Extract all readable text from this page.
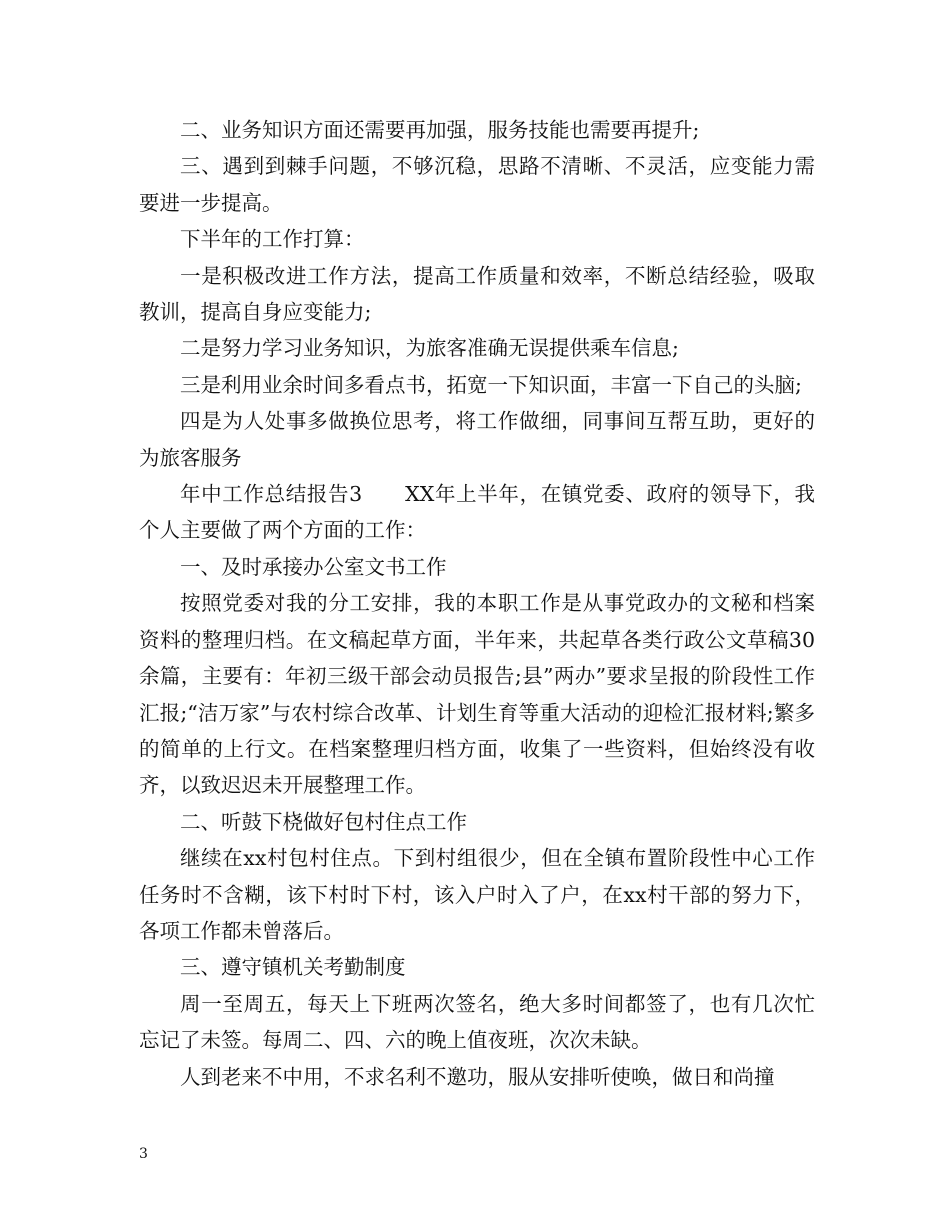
二、业务知识方面还需要再加强，服务技能也需要再提升;

三、遇到到棘手问题，不够沉稳，思路不清晰、不灵活，应变能力需要进一步提高。

下半年的工作打算：

一是积极改进工作方法，提高工作质量和效率，不断总结经验，吸取教训，提高自身应变能力;

二是努力学习业务知识，为旅客准确无误提供乘车信息;

三是利用业余时间多看点书，拓宽一下知识面，丰富一下自己的头脑;

四是为人处事多做换位思考，将工作做细，同事间互帮互助，更好的为旅客服务

年中工作总结报告3　　XX年上半年，在镇党委、政府的领导下，我个人主要做了两个方面的工作：

一、及时承接办公室文书工作

按照党委对我的分工安排，我的本职工作是从事党政办的文秘和档案资料的整理归档。在文稿起草方面，半年来，共起草各类行政公文草稿30余篇，主要有：年初三级干部会动员报告;县”两办”要求呈报的阶段性工作汇报;“洁万家”与农村综合改革、计划生育等重大活动的迎检汇报材料;繁多的简单的上行文。在档案整理归档方面，收集了一些资料，但始终没有收齐，以致迟迟未开展整理工作。

二、听鼓下桡做好包村住点工作

继续在xx村包村住点。下到村组很少，但在全镇布置阶段性中心工作任务时不含糊，该下村时下村，该入户时入了户，在xx村干部的努力下，各项工作都未曾落后。

三、遵守镇机关考勤制度

周一至周五，每天上下班两次签名，绝大多时间都签了，也有几次忙忘记了未签。每周二、四、六的晚上值夜班，次次未缺。

人到老来不中用，不求名利不邀功，服从安排听使唤，做日和尚撞

3
